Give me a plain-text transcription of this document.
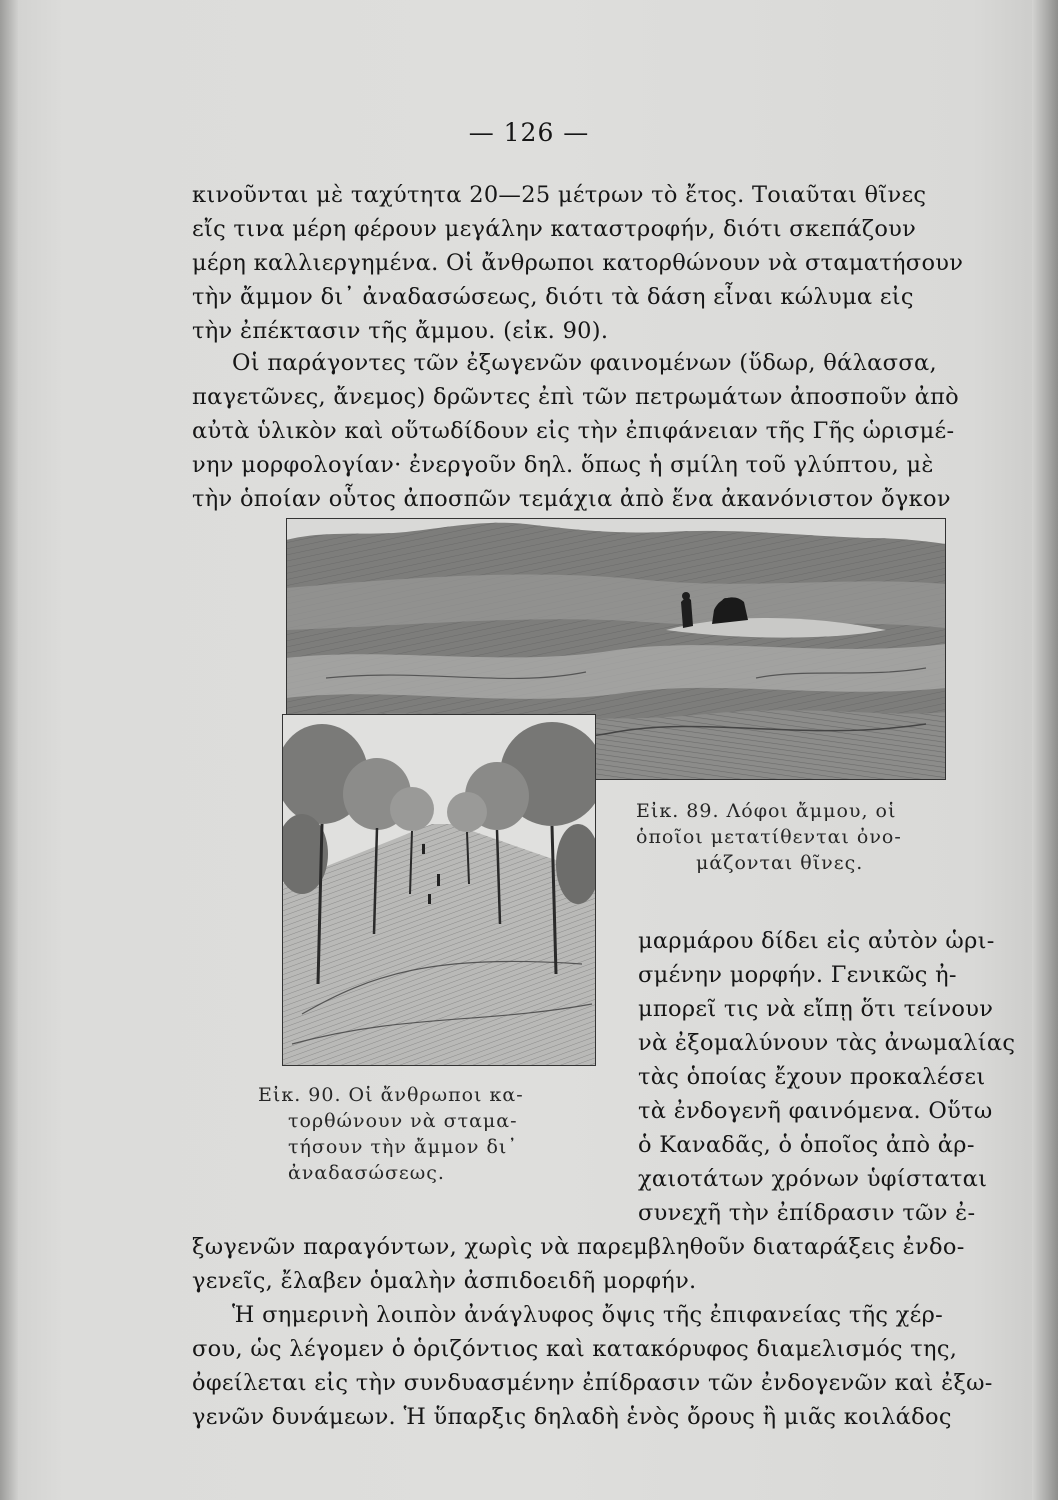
— 126 —
κινοῦνται μὲ ταχύτητα 20—25 μέτρων τὸ ἔτος. Τοιαῦται θῖνες
εἴς τινα μέρη φέρουν μεγάλην καταστροφήν, διότι σκεπάζουν
μέρη καλλιεργημένα. Οἱ ἄνθρωποι κατορθώνουν νὰ σταματήσουν
τὴν ἄμμον δι᾽ ἀναδασώσεως, διότι τὰ δάση εἶναι κώλυμα εἰς
τὴν ἐπέκτασιν τῆς ἄμμου. (εἰκ. 90).
Οἱ παράγοντες τῶν ἐξωγενῶν φαινομένων (ὕδωρ, θάλασσα,
παγετῶνες, ἄνεμος) δρῶντες ἐπὶ τῶν πετρωμάτων ἀποσποῦν ἀπὸ
αὐτὰ ὑλικὸν καὶ οὕτωδίδουν εἰς τὴν ἐπιφάνειαν τῆς Γῆς ὡρισμέ-
νην μορφολογίαν· ἐνεργοῦν δηλ. ὅπως ἡ σμίλη τοῦ γλύπτου, μὲ
τὴν ὁποίαν οὗτος ἀποσπῶν τεμάχια ἀπὸ ἕνα ἀκανόνιστον ὄγκον
Εἰκ. 89. Λόφοι ἄμμου, οἱ
ὁποῖοι μετατίθενται ὀνο-
μάζονται θῖνες.
μαρμάρου δίδει εἰς αὐτὸν ὡρι-
σμένην μορφήν. Γενικῶς ἠ-
μπορεῖ τις νὰ εἴπῃ ὅτι τείνουν
νὰ ἐξομαλύνουν τὰς ἀνωμαλίας
τὰς ὁποίας ἔχουν προκαλέσει
τὰ ἐνδογενῆ φαινόμενα. Οὕτω
ὁ Καναδᾶς, ὁ ὁποῖος ἀπὸ ἀρ-
χαιοτάτων χρόνων ὑφίσταται
συνεχῆ τὴν ἐπίδρασιν τῶν ἐ-
Εἰκ. 90. Οἱ ἄνθρωποι κα-
τορθώνουν νὰ σταμα-
τήσουν τὴν ἄμμον δι᾽
ἀναδασώσεως.
ξωγενῶν παραγόντων, χωρὶς νὰ παρεμβληθοῦν διαταράξεις ἐνδο-
γενεῖς, ἔλαβεν ὁμαλὴν ἀσπιδοειδῆ μορφήν.
Ἡ σημερινὴ λοιπὸν ἀνάγλυφος ὄψις τῆς ἐπιφανείας τῆς χέρ-
σου, ὡς λέγομεν ὁ ὁριζόντιος καὶ κατακόρυφος διαμελισμός της,
ὀφείλεται εἰς τὴν συνδυασμένην ἐπίδρασιν τῶν ἐνδογενῶν καὶ ἐξω-
γενῶν δυνάμεων. Ἡ ὕπαρξις δηλαδὴ ἑνὸς ὄρους ἢ μιᾶς κοιλάδος
